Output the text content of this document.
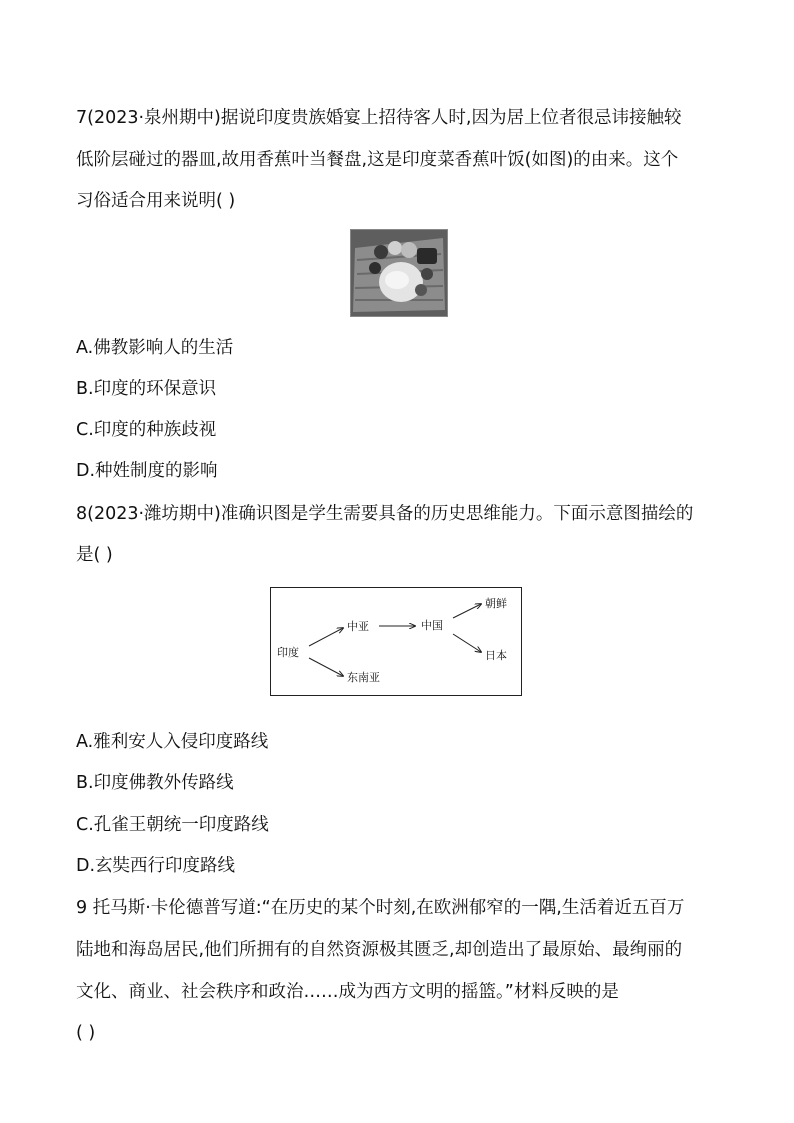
7(2023·泉州期中)据说印度贵族婚宴上招待客人时,因为居上位者很忌讳接触较
低阶层碰过的器皿,故用香蕉叶当餐盘,这是印度菜香蕉叶饭(如图)的由来。这个
习俗适合用来说明( )
A.佛教影响人的生活
B.印度的环保意识
C.印度的种族歧视
D.种姓制度的影响
8(2023·潍坊期中)准确识图是学生需要具备的历史思维能力。下面示意图描绘的
是( )
印度
中亚
东南亚
中国
朝鲜
日本
A.雅利安人入侵印度路线
B.印度佛教外传路线
C.孔雀王朝统一印度路线
D.玄奘西行印度路线
9 托马斯·卡伦德普写道:“在历史的某个时刻,在欧洲郁窄的一隅,生活着近五百万
陆地和海岛居民,他们所拥有的自然资源极其匮乏,却创造出了最原始、最绚丽的
文化、商业、社会秩序和政治……成为西方文明的摇篮。”材料反映的是
( )
